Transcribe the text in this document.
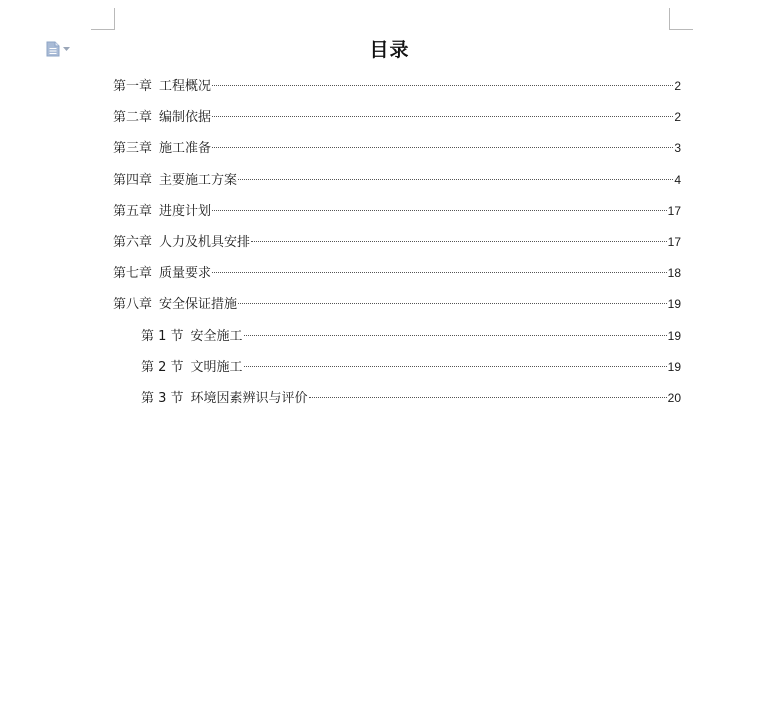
目录
第一章 工程概况	2
第二章 编制依据	2
第三章 施工准备	3
第四章 主要施工方案	4
第五章 进度计划	17
第六章 人力及机具安排	17
第七章 质量要求	18
第八章 安全保证措施	19
第 1 节 安全施工	19
第 2 节 文明施工	19
第 3 节 环境因素辨识与评价	20
